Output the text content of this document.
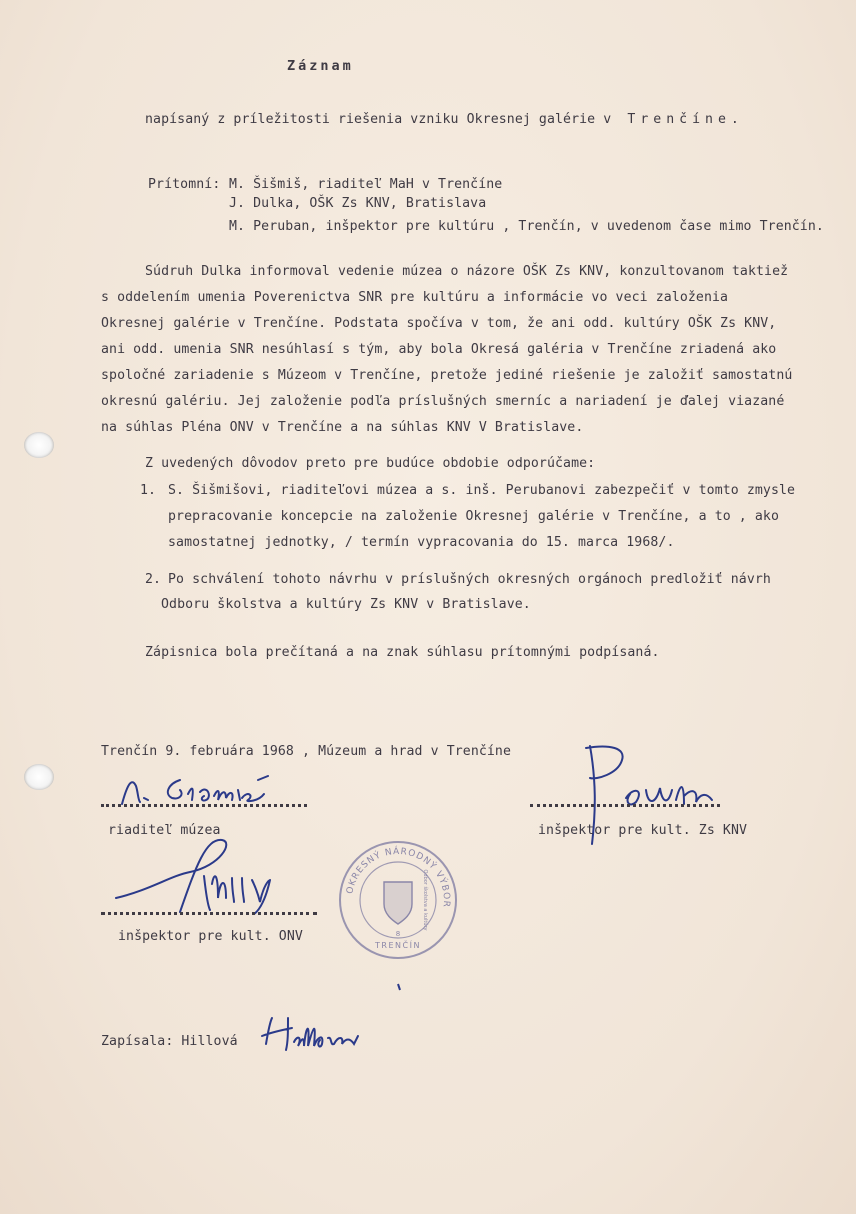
Záznam
napísaný z príležitosti riešenia vzniku Okresnej galérie v Trenčíne.
Prítomní: M. Šišmiš, riaditeľ MaH v Trenčíne
J. Dulka, OŠK Zs KNV, Bratislava
M. Peruban, inšpektor pre kultúru , Trenčín, v uvedenom čase mimo Trenčín.
Súdruh Dulka informoval vedenie múzea o názore OŠK Zs KNV, konzultovanom taktiež
s oddelením umenia Poverenictva SNR pre kultúru a informácie vo veci založenia
Okresnej galérie v Trenčíne. Podstata spočíva v tom, že ani odd. kultúry OŠK Zs KNV,
ani odd. umenia SNR nesúhlasí s tým, aby bola Okresá galéria v Trenčíne zriadená ako
spoločné zariadenie s Múzeom v Trenčíne, pretože jediné riešenie je založiť samostatnú
okresnú galériu. Jej založenie podľa príslušných smerníc a nariadení je ďalej viazané
na súhlas Pléna ONV v Trenčíne a na súhlas KNV V Bratislave.
Z uvedených dôvodov preto pre budúce obdobie odporúčame:
1. S. Šišmišovi, riaditeľovi múzea a s. inš. Perubanovi zabezpečiť v tomto zmysle
prepracovanie koncepcie na založenie Okresnej galérie v Trenčíne, a to , ako
samostatnej jednotky, / termín vypracovania do 15. marca 1968/.
2. Po schválení tohoto návrhu v príslušných okresných orgánoch predložiť návrh
Odboru školstva a kultúry Zs KNV v Bratislave.
Zápisnica bola prečítaná a na znak súhlasu prítomnými podpísaná.
Trenčín 9. februára 1968 , Múzeum a hrad v Trenčíne
riaditeľ múzea	inšpektor pre kult. Zs KNV
inšpektor pre kult. ONV
OKRESNÝ NÁRODNÝ VÝBOR
8
TRENČÍN
Odbor školstva a kultúry
Zapísala: Hillová
